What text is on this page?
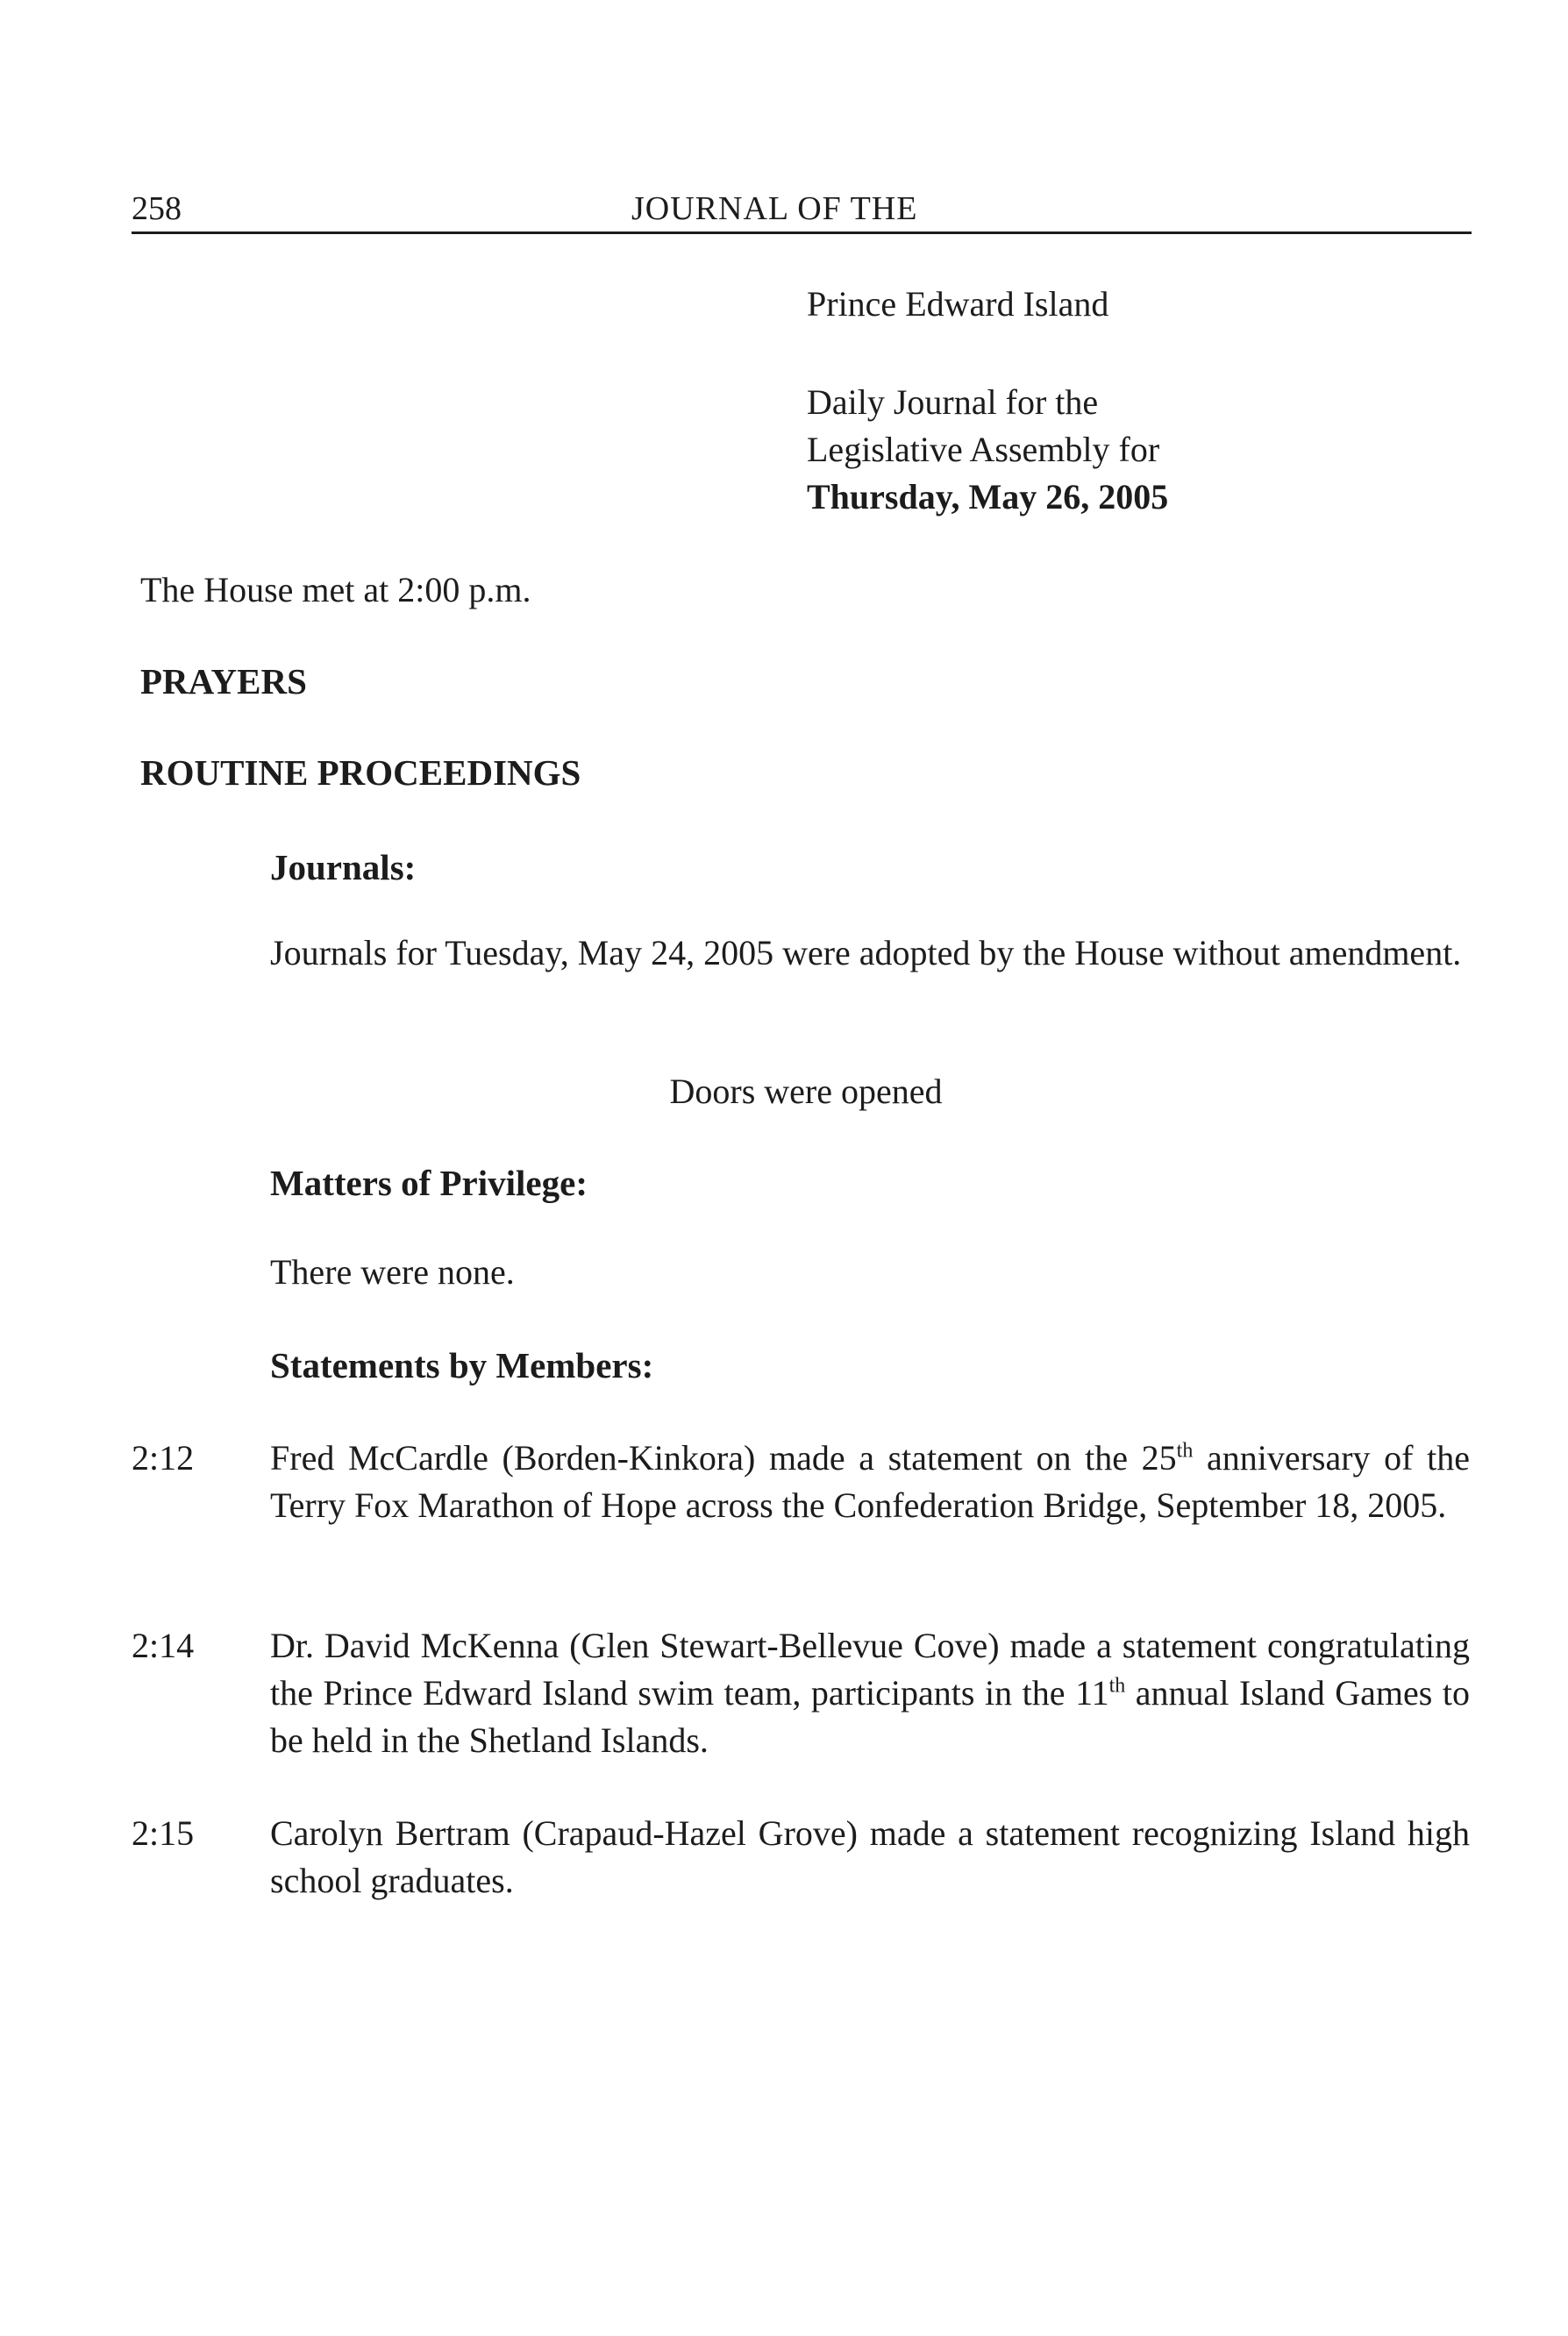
258	JOURNAL OF THE
Prince Edward Island
Daily Journal for the
Legislative Assembly for
Thursday, May 26, 2005
The House met at 2:00 p.m.
PRAYERS
ROUTINE PROCEEDINGS
Journals:
Journals for Tuesday, May 24, 2005 were adopted by the House without amendment.
Doors were opened
Matters of Privilege:
There were none.
Statements by Members:
2:12	Fred McCardle (Borden-Kinkora) made a statement on the 25th anniversary of the Terry Fox Marathon of Hope across the Confederation Bridge, September 18, 2005.
2:14	Dr. David McKenna (Glen Stewart-Bellevue Cove) made a statement congratulating the Prince Edward Island swim team, participants in the 11th annual Island Games to be held in the Shetland Islands.
2:15	Carolyn Bertram (Crapaud-Hazel Grove) made a statement recognizing Island high school graduates.
